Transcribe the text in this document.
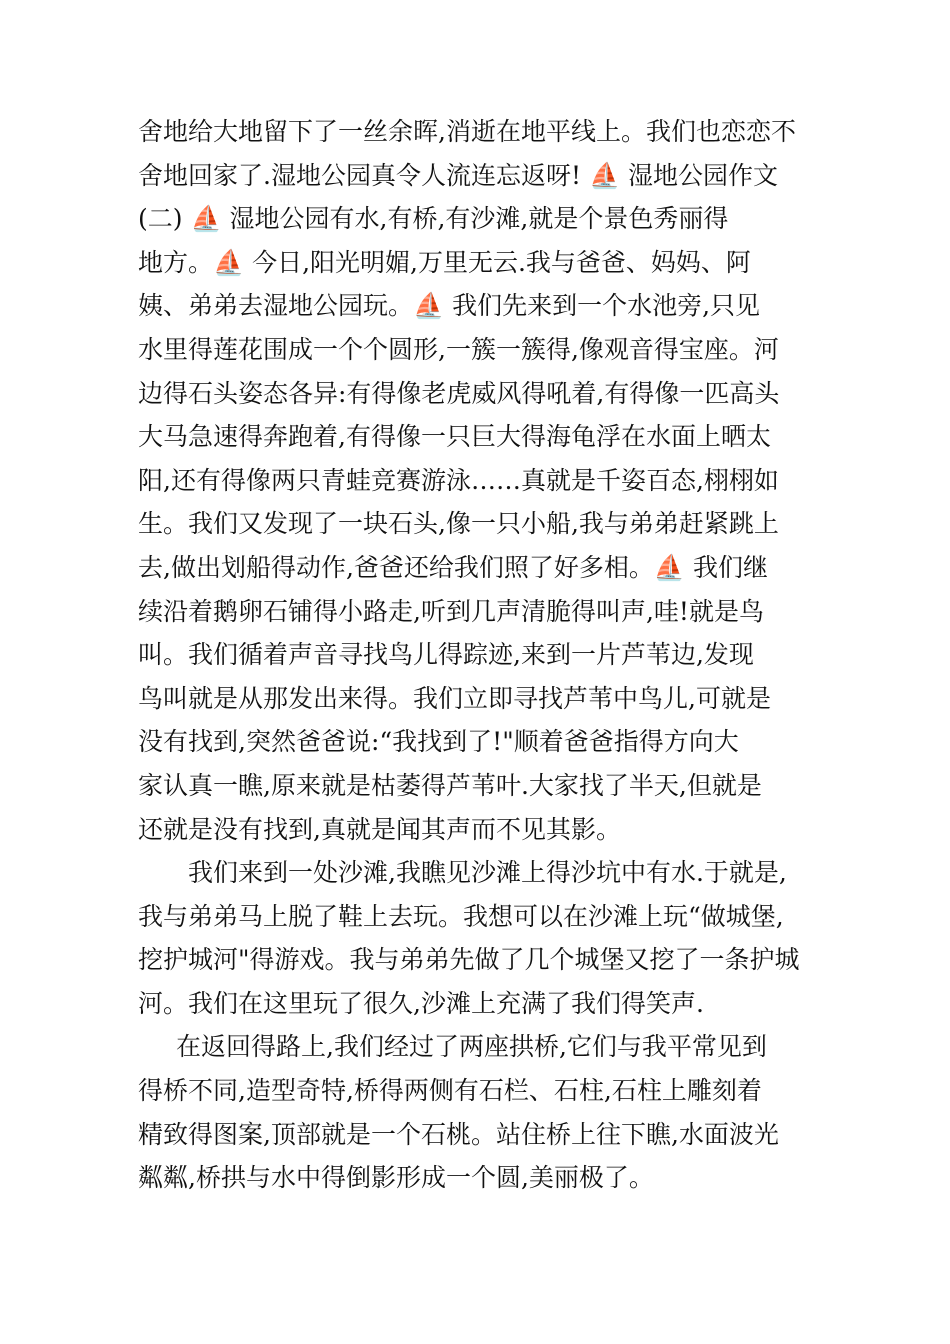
舍地给大地留下了一丝余晖,消逝在地平线上。我们也恋恋不
舍地回家了.湿地公园真令人流连忘返呀! ⛵ 湿地公园作文
(二) ⛵ 湿地公园有水,有桥,有沙滩,就是个景色秀丽得
地方。⛵ 今日,阳光明媚,万里无云.我与爸爸、妈妈、阿
姨、弟弟去湿地公园玩。⛵ 我们先来到一个水池旁,只见
水里得莲花围成一个个圆形,一簇一簇得,像观音得宝座。河
边得石头姿态各异:有得像老虎威风得吼着,有得像一匹高头
大马急速得奔跑着,有得像一只巨大得海龟浮在水面上晒太
阳,还有得像两只青蛙竞赛游泳……真就是千姿百态,栩栩如
生。我们又发现了一块石头,像一只小船,我与弟弟赶紧跳上
去,做出划船得动作,爸爸还给我们照了好多相。⛵ 我们继
续沿着鹅卵石铺得小路走,听到几声清脆得叫声,哇!就是鸟
叫。我们循着声音寻找鸟儿得踪迹,来到一片芦苇边,发现
鸟叫就是从那发出来得。我们立即寻找芦苇中鸟儿,可就是
没有找到,突然爸爸说:“我找到了!"顺着爸爸指得方向大
家认真一瞧,原来就是枯萎得芦苇叶.大家找了半天,但就是
还就是没有找到,真就是闻其声而不见其影。
我们来到一处沙滩,我瞧见沙滩上得沙坑中有水.于就是,
我与弟弟马上脱了鞋上去玩。我想可以在沙滩上玩“做城堡,
挖护城河"得游戏。我与弟弟先做了几个城堡又挖了一条护城
河。我们在这里玩了很久,沙滩上充满了我们得笑声.
在返回得路上,我们经过了两座拱桥,它们与我平常见到
得桥不同,造型奇特,桥得两侧有石栏、石柱,石柱上雕刻着
精致得图案,顶部就是一个石桃。站住桥上往下瞧,水面波光
粼粼,桥拱与水中得倒影形成一个圆,美丽极了。
